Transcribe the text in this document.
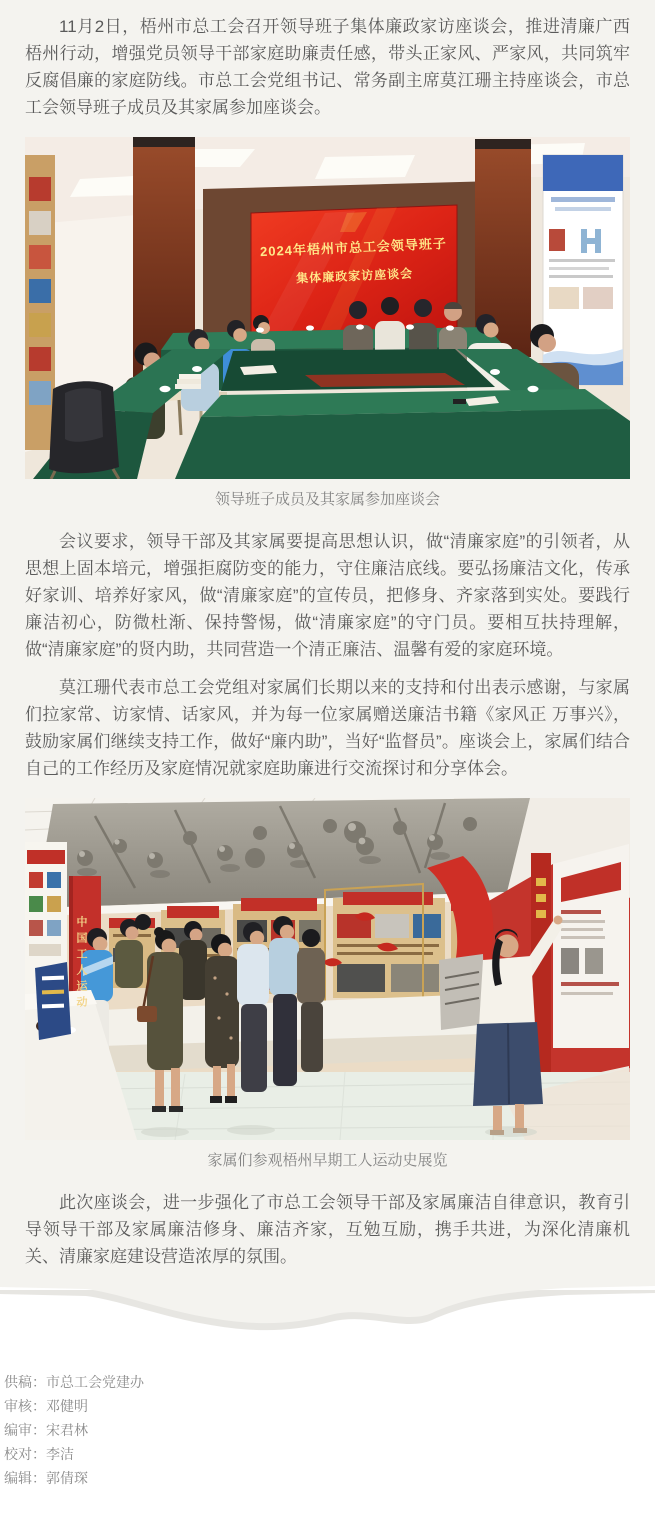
11月2日，梧州市总工会召开领导班子集体廉政家访座谈会，推进清廉广西梧州行动，增强党员领导干部家庭助廉责任感，带头正家风、严家风，共同筑牢反腐倡廉的家庭防线。市总工会党组书记、常务副主席莫江珊主持座谈会，市总工会领导班子成员及其家属参加座谈会。

2024年梧州市总工会领导班子
集体廉政家访座谈会
领导班子成员及其家属参加座谈会

会议要求，领导干部及其家属要提高思想认识，做“清廉家庭”的引领者，从思想上固本培元，增强拒腐防变的能力，守住廉洁底线。要弘扬廉洁文化，传承好家训、培养好家风，做“清廉家庭”的宣传员，把修身、齐家落到实处。要践行廉洁初心，防微杜渐、保持警惕，做“清廉家庭”的守门员。要相互扶持理解，做“清廉家庭”的贤内助，共同营造一个清正廉洁、温馨有爱的家庭环境。

莫江珊代表市总工会党组对家属们长期以来的支持和付出表示感谢，与家属们拉家常、访家情、话家风，并为每一位家属赠送廉洁书籍《家风正 万事兴》，鼓励家属们继续支持工作，做好“廉内助”，当好“监督员”。座谈会上，家属们结合自己的工作经历及家庭情况就家庭助廉进行交流探讨和分享体会。

中国工人运动
家属们参观梧州早期工人运动史展览

此次座谈会，进一步强化了市总工会领导干部及家属廉洁自律意识，教育引导领导干部及家属廉洁修身、廉洁齐家，互勉互励，携手共进，为深化清廉机关、清廉家庭建设营造浓厚的氛围。

供稿：市总工会党建办
审核：邓健明
编审：宋君林
校对：李洁
编辑：郭倩琛
